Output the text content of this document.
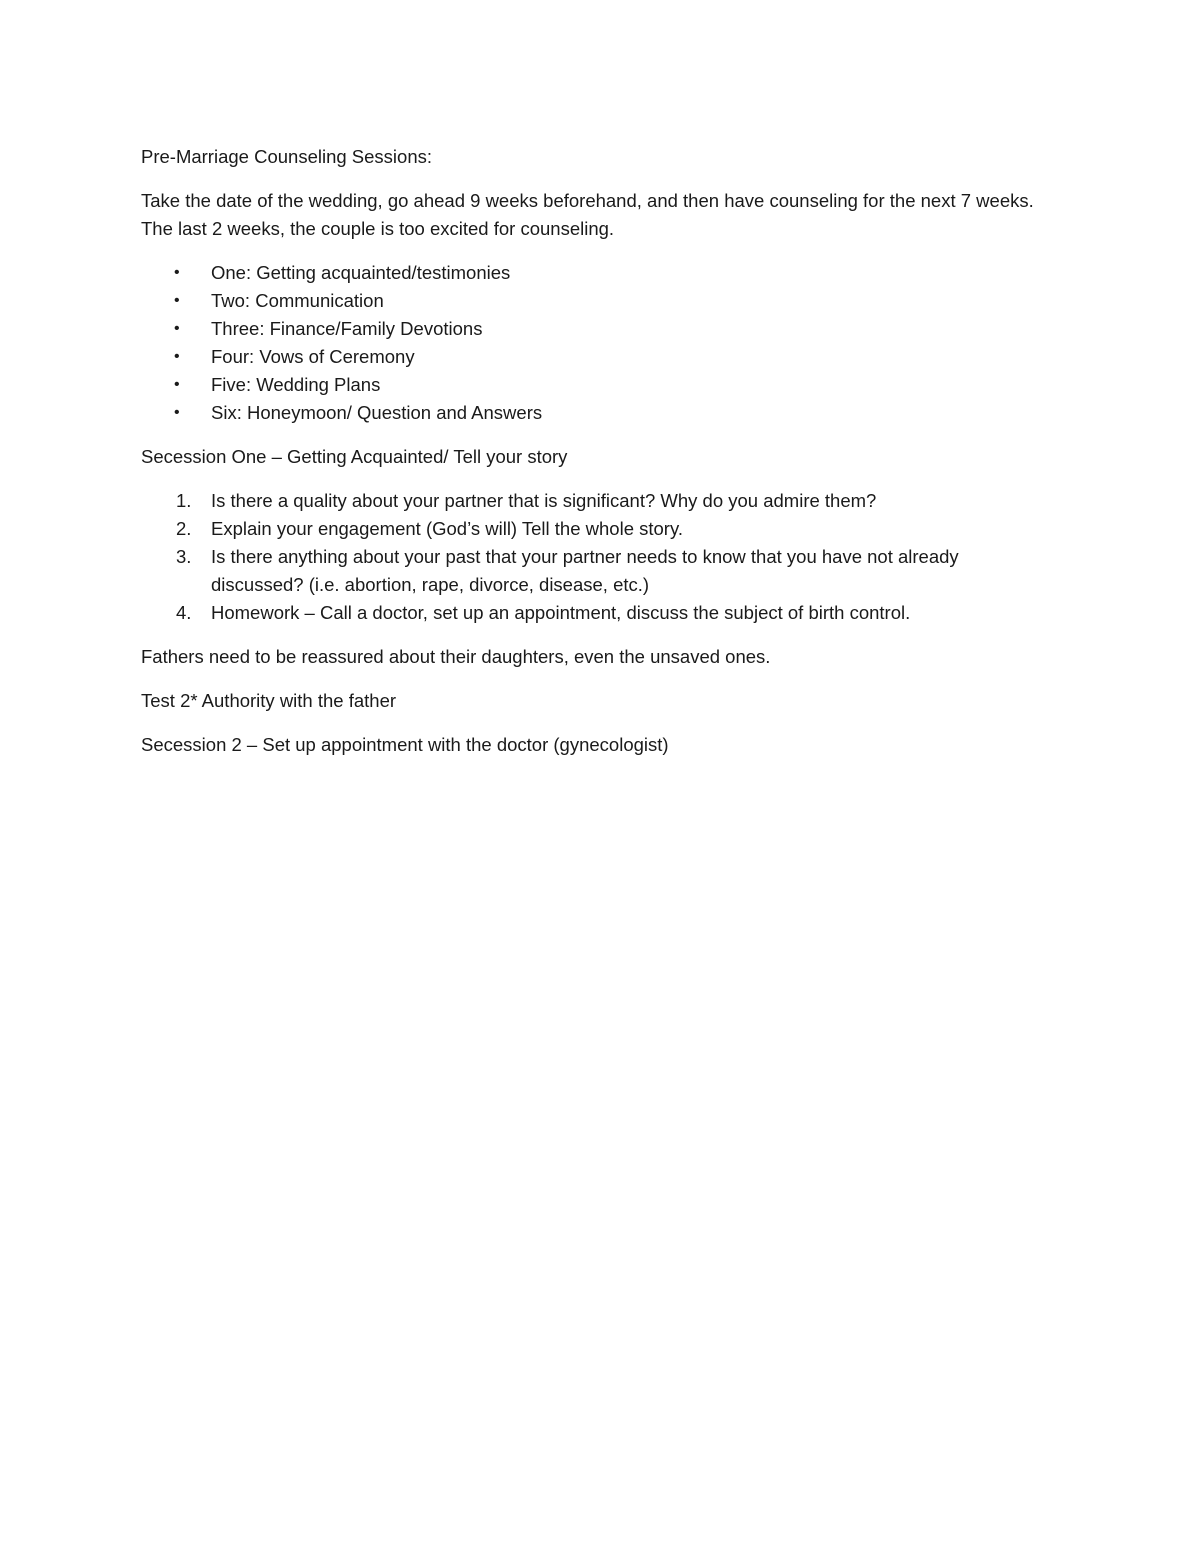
Pre-Marriage Counseling Sessions:

Take the date of the wedding, go ahead 9 weeks beforehand, and then have counseling for the next 7 weeks. The last 2 weeks, the couple is too excited for counseling.

• One: Getting acquainted/testimonies
• Two: Communication
• Three: Finance/Family Devotions
• Four: Vows of Ceremony
• Five: Wedding Plans
• Six: Honeymoon/ Question and Answers

Secession One – Getting Acquainted/ Tell your story

1. Is there a quality about your partner that is significant? Why do you admire them?
2. Explain your engagement (God’s will) Tell the whole story.
3. Is there anything about your past that your partner needs to know that you have not already discussed? (i.e. abortion, rape, divorce, disease, etc.)
4. Homework – Call a doctor, set up an appointment, discuss the subject of birth control.

Fathers need to be reassured about their daughters, even the unsaved ones.

Test 2* Authority with the father

Secession 2 – Set up appointment with the doctor (gynecologist)
